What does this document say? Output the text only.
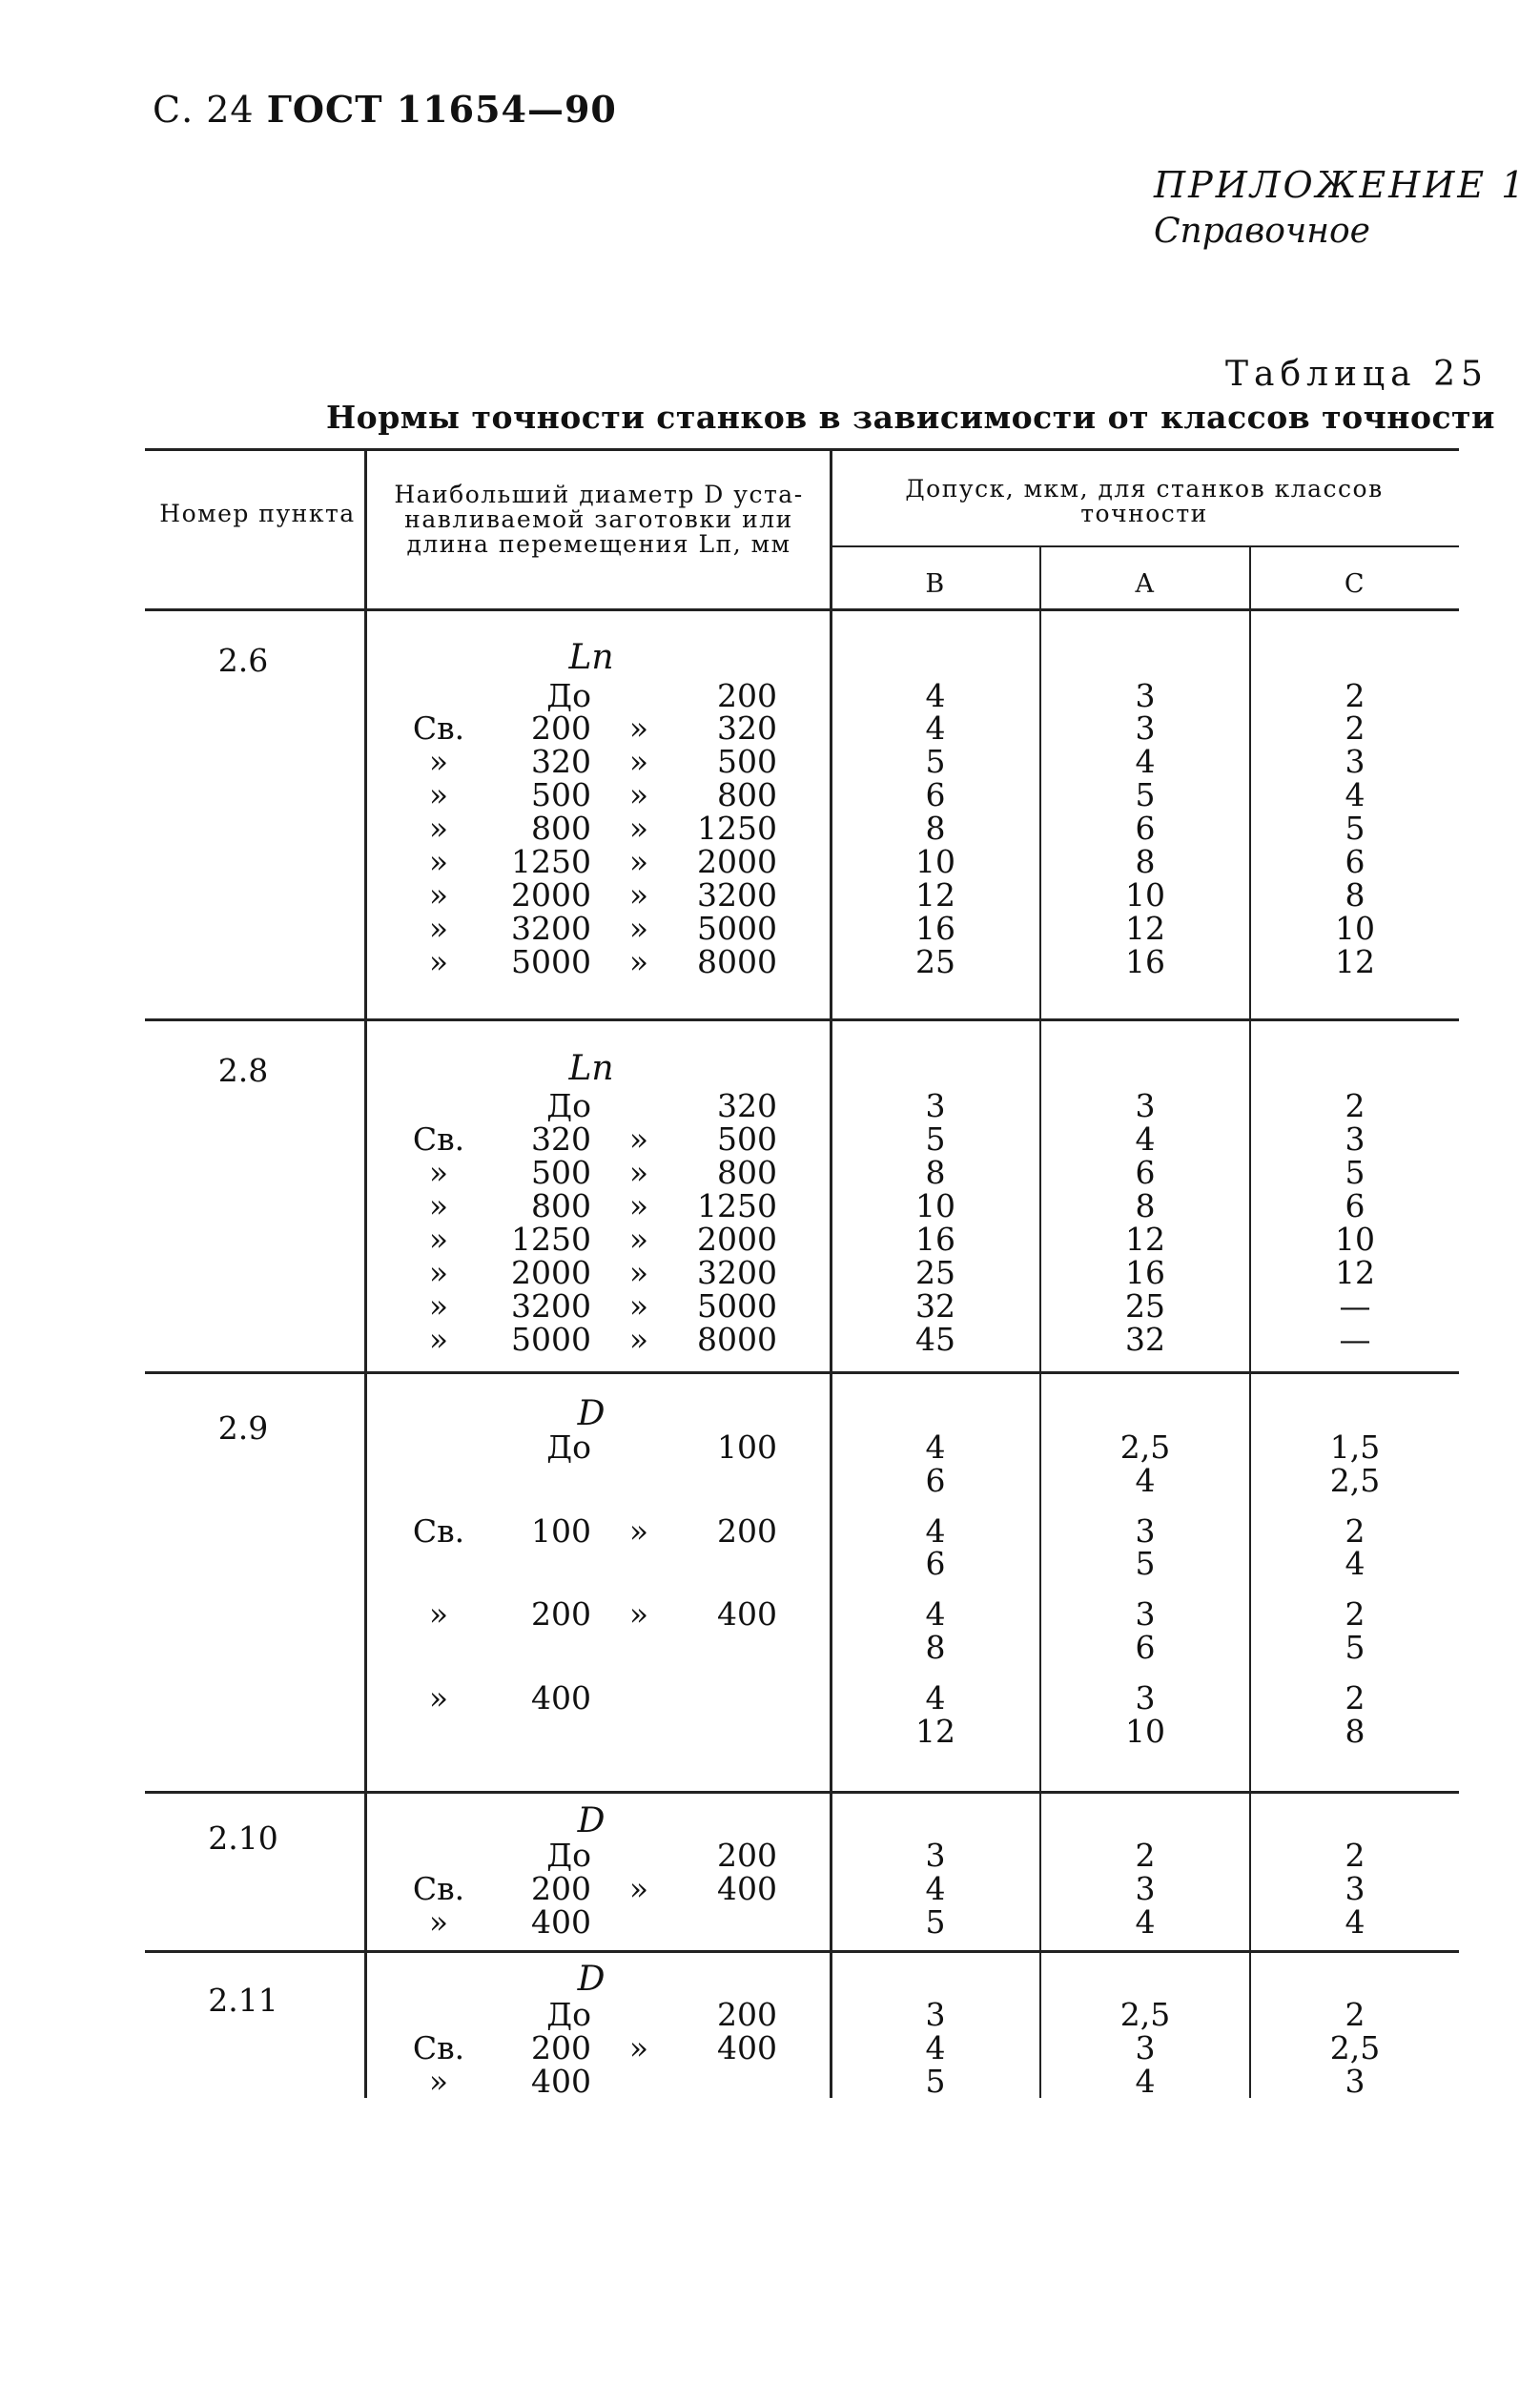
С. 24 ГОСТ 11654—90
ПРИЛОЖЕНИЕ 1
Справочное
Таблица 25
Нормы точности станков в зависимости от классов точности
Номер пункта
Наибольший диаметр D уста-
навливаемой заготовки или
длина перемещения Lп, мм
Допуск, мкм, для станков классов
точности
В	А	С
2.6	Lп
До	200	4	3	2
Св.	200	»	320	4	3	2
»	320	»	500	5	4	3
»	500	»	800	6	5	4
»	800	»	1250	8	6	5
»	1250	»	2000	10	8	6
»	2000	»	3200	12	10	8
»	3200	»	5000	16	12	10
»	5000	»	8000	25	16	12
2.8	Lп
До	320	3	3	2
Св.	320	»	500	5	4	3
»	500	»	800	8	6	5
»	800	»	1250	10	8	6
»	1250	»	2000	16	12	10
»	2000	»	3200	25	16	12
»	3200	»	5000	32	25	—
»	5000	»	8000	45	32	—
2.9	D
До	100	4	2,5	1,5
6	4	2,5
Св.	100	»	200	4	3	2
6	5	4
»	200	»	400	4	3	2
8	6	5
»	400	4	3	2
12	10	8
2.10	D
До	200	3	2	2
Св.	200	»	400	4	3	3
»	400	5	4	4
2.11
D
До	200	3	2,5	2
Св.	200	»	400	4	3	2,5
»	400	5	4	3
